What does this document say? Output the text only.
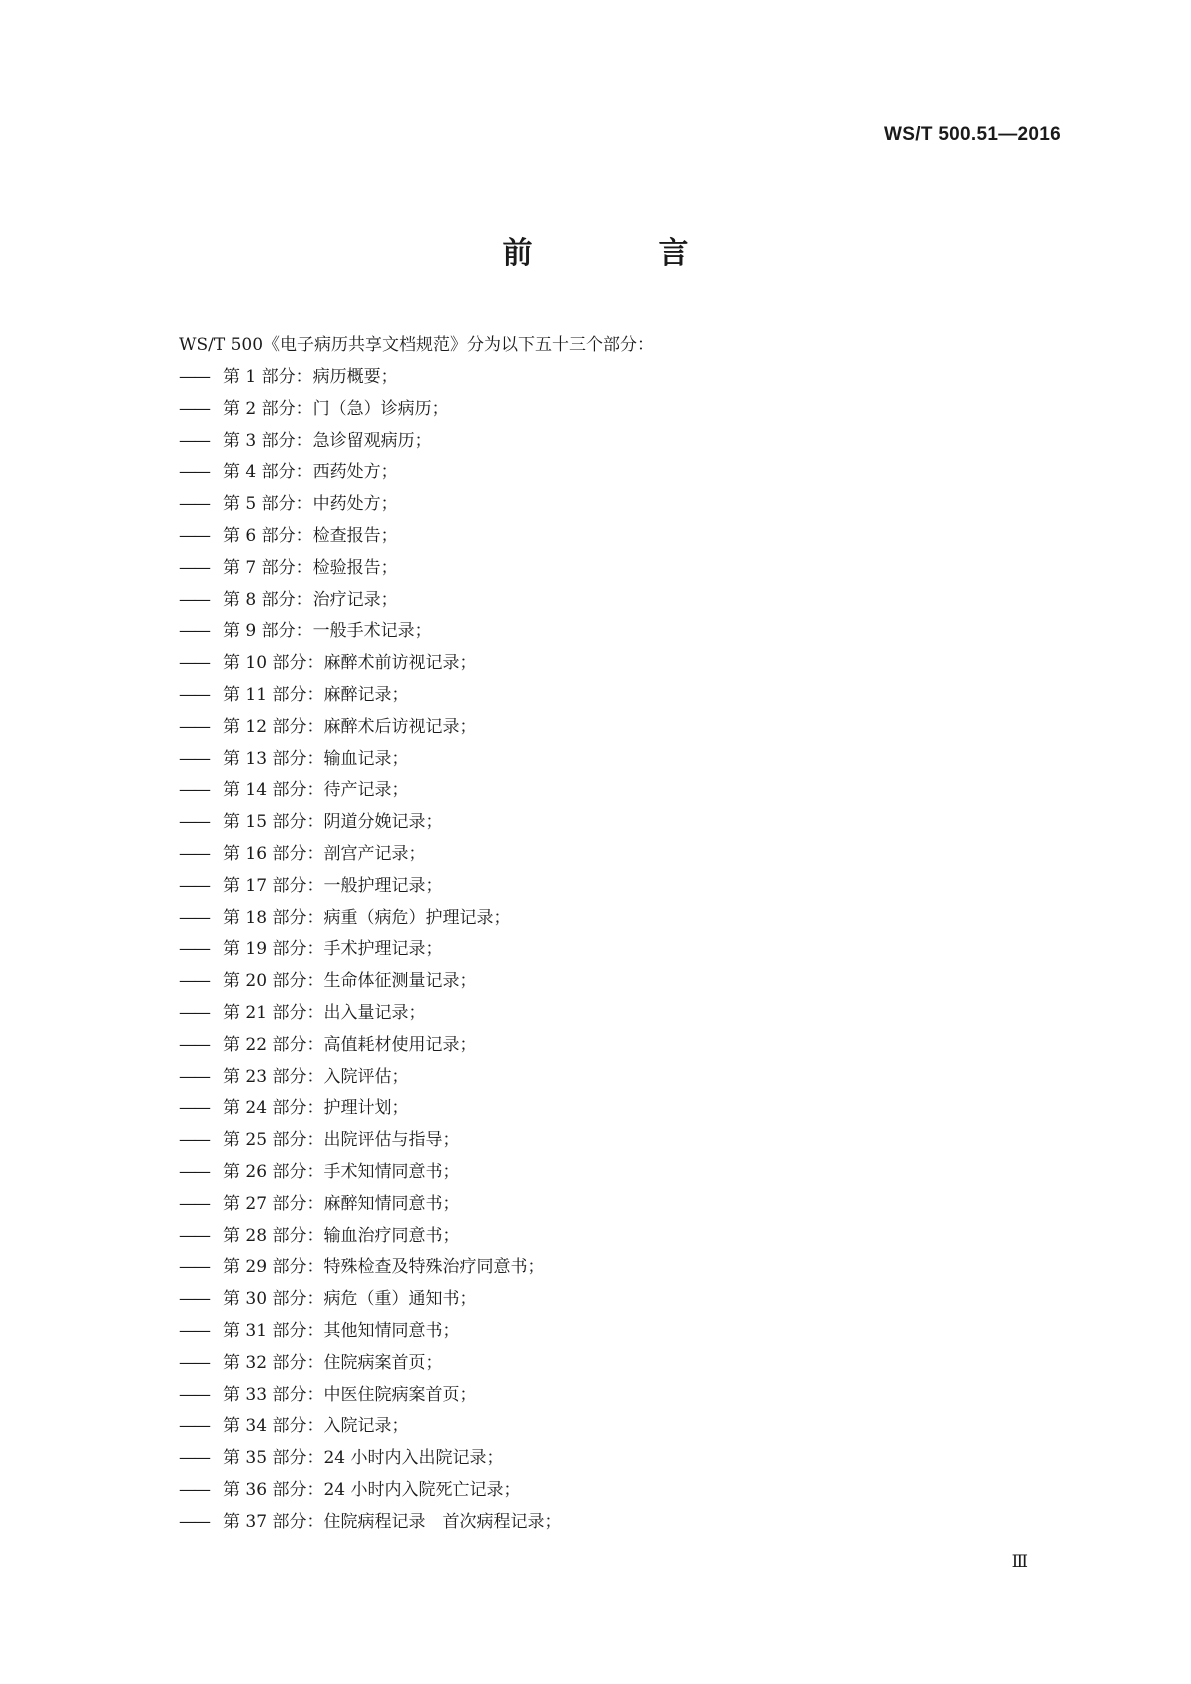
WS/T 500.51—2016
前　言
WS/T 500《电子病历共享文档规范》分为以下五十三个部分：
—— 第 1 部分：病历概要；
—— 第 2 部分：门（急）诊病历；
—— 第 3 部分：急诊留观病历；
—— 第 4 部分：西药处方；
—— 第 5 部分：中药处方；
—— 第 6 部分：检查报告；
—— 第 7 部分：检验报告；
—— 第 8 部分：治疗记录；
—— 第 9 部分：一般手术记录；
—— 第 10 部分：麻醉术前访视记录；
—— 第 11 部分：麻醉记录；
—— 第 12 部分：麻醉术后访视记录；
—— 第 13 部分：输血记录；
—— 第 14 部分：待产记录；
—— 第 15 部分：阴道分娩记录；
—— 第 16 部分：剖宫产记录；
—— 第 17 部分：一般护理记录；
—— 第 18 部分：病重（病危）护理记录；
—— 第 19 部分：手术护理记录；
—— 第 20 部分：生命体征测量记录；
—— 第 21 部分：出入量记录；
—— 第 22 部分：高值耗材使用记录；
—— 第 23 部分：入院评估；
—— 第 24 部分：护理计划；
—— 第 25 部分：出院评估与指导；
—— 第 26 部分：手术知情同意书；
—— 第 27 部分：麻醉知情同意书；
—— 第 28 部分：输血治疗同意书；
—— 第 29 部分：特殊检查及特殊治疗同意书；
—— 第 30 部分：病危（重）通知书；
—— 第 31 部分：其他知情同意书；
—— 第 32 部分：住院病案首页；
—— 第 33 部分：中医住院病案首页；
—— 第 34 部分：入院记录；
—— 第 35 部分：24 小时内入出院记录；
—— 第 36 部分：24 小时内入院死亡记录；
—— 第 37 部分：住院病程记录　首次病程记录；
Ⅲ
